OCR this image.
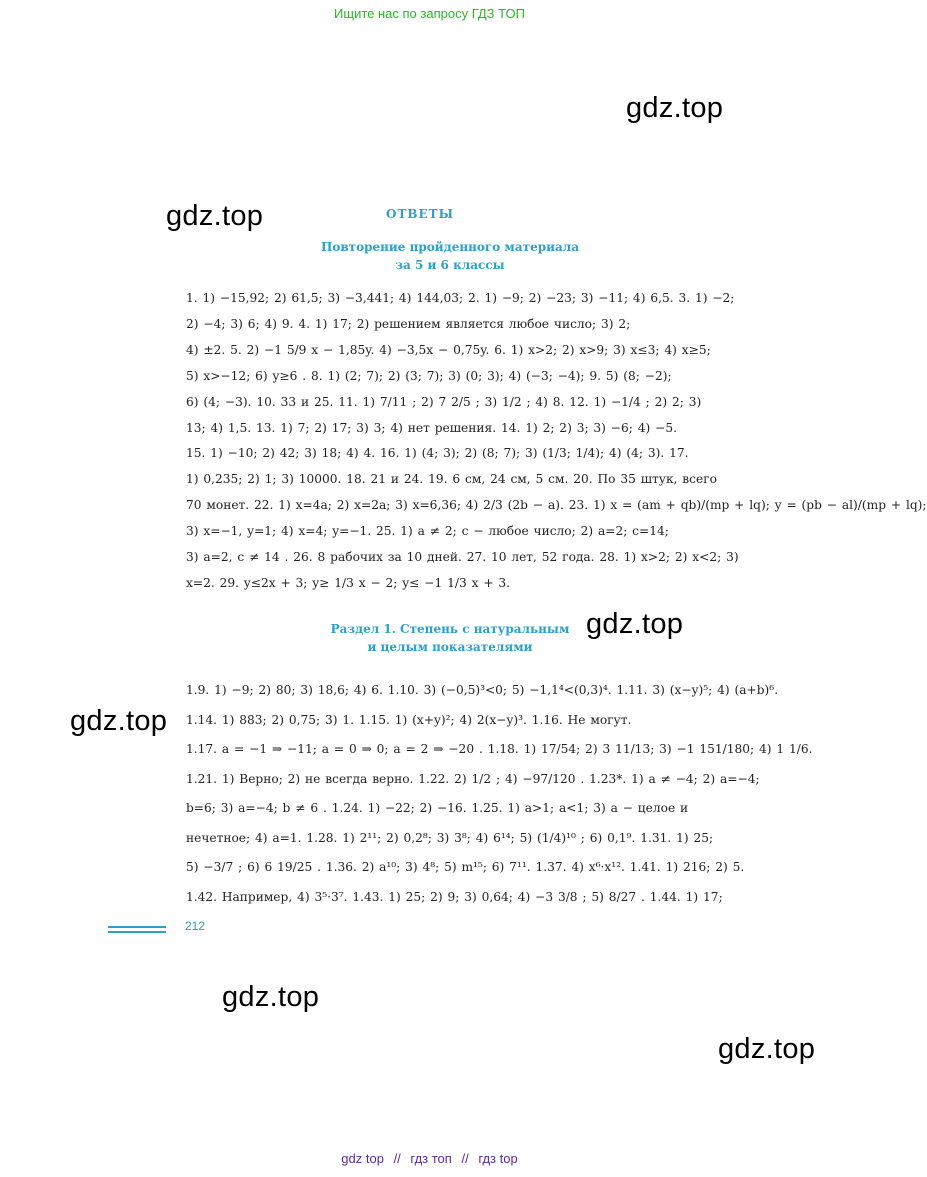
Ищите нас по запросу ГДЗ ТОП
gdz.top
gdz.top
gdz.top
gdz.top
gdz.top
gdz.top
ОТВЕТЫ
Повторение пройденного материала
за 5 и 6 классы

1. 1) −15,92; 2) 61,5; 3) −3,441; 4) 144,03; 2. 1) −9; 2) −23; 3) −11; 4) 6,5. 3. 1) −2;

2) −4; 3) 6; 4) 9. 4. 1) 17; 2) решением является любое число; 3) 2;

4) ±2. 5. 2) −1 5/9 x − 1,85y. 4) −3,5x − 0,75y. 6. 1) x>2; 2) x>9; 3) x≤3; 4) x≥5;

5) x>−12; 6) y≥6 . 8. 1) (2; 7); 2) (3; 7); 3) (0; 3); 4) (−3; −4); 9. 5) (8; −2);

6) (4; −3). 10. 33 и 25. 11. 1) 7/11 ; 2) 7 2/5 ; 3) 1/2 ; 4) 8. 12. 1) −1/4 ; 2) 2; 3)

13; 4) 1,5. 13. 1) 7; 2) 17; 3) 3; 4) нет решения. 14. 1) 2; 2) 3; 3) −6; 4) −5.

15. 1) −10; 2) 42; 3) 18; 4) 4. 16. 1) (4; 3); 2) (8; 7); 3) (1/3; 1/4); 4) (4; 3). 17.

1) 0,235; 2) 1; 3) 10000. 18. 21 и 24. 19. 6 см, 24 см, 5 см. 20. По 35 штук, всего

70 монет. 22. 1) x=4a; 2) x=2a; 3) x=6,36; 4) 2/3 (2b − a). 23. 1) x = (am + qb)/(mp + lq); y = (pb − al)/(mp + lq);

3) x=−1, y=1; 4) x=4; y=−1. 25. 1) a ≠ 2; c − любое число; 2) a=2; c=14;

3) a=2, c ≠ 14 . 26. 8 рабочих за 10 дней. 27. 10 лет, 52 года. 28. 1) x>2; 2) x<2; 3)

x=2. 29. y≤2x + 3; y≥ 1/3 x − 2; y≤ −1 1/3 x + 3.

Раздел 1. Степень с натуральным
и целым показателями

1.9. 1) −9; 2) 80; 3) 18,6; 4) 6. 1.10. 3) (−0,5)³<0; 5) −1,1⁴<(0,3)⁴. 1.11. 3) (x−y)⁵; 4) (a+b)⁶.

1.14. 1) 883; 2) 0,75; 3) 1. 1.15. 1) (x+y)²; 4) 2(x−y)³. 1.16. Не могут.

1.17. a = −1 ⇒ −11; a = 0 ⇒ 0; a = 2 ⇒ −20 . 1.18. 1) 17/54; 2) 3 11/13; 3) −1 151/180; 4) 1 1/6.

1.21. 1) Верно; 2) не всегда верно. 1.22. 2) 1/2 ; 4) −97/120 . 1.23*. 1) a ≠ −4; 2) a=−4;

b=6; 3) a=−4; b ≠ 6 . 1.24. 1) −22; 2) −16. 1.25. 1) a>1; a<1; 3) a − целое и

нечетное; 4) a=1. 1.28. 1) 2¹¹; 2) 0,2⁸; 3) 3⁸; 4) 6¹⁴; 5) (1/4)¹⁰ ; 6) 0,1⁹. 1.31. 1) 25;

5) −3/7 ; 6) 6 19/25 . 1.36. 2) a¹⁰; 3) 4⁸; 5) m¹⁵; 6) 7¹¹. 1.37. 4) x⁶·x¹². 1.41. 1) 216; 2) 5.

1.42. Например, 4) 3⁵·3⁷. 1.43. 1) 25; 2) 9; 3) 0,64; 4) −3 3/8 ; 5) 8/27 . 1.44. 1) 17;

212
gdz top // гдз топ // гдз top
